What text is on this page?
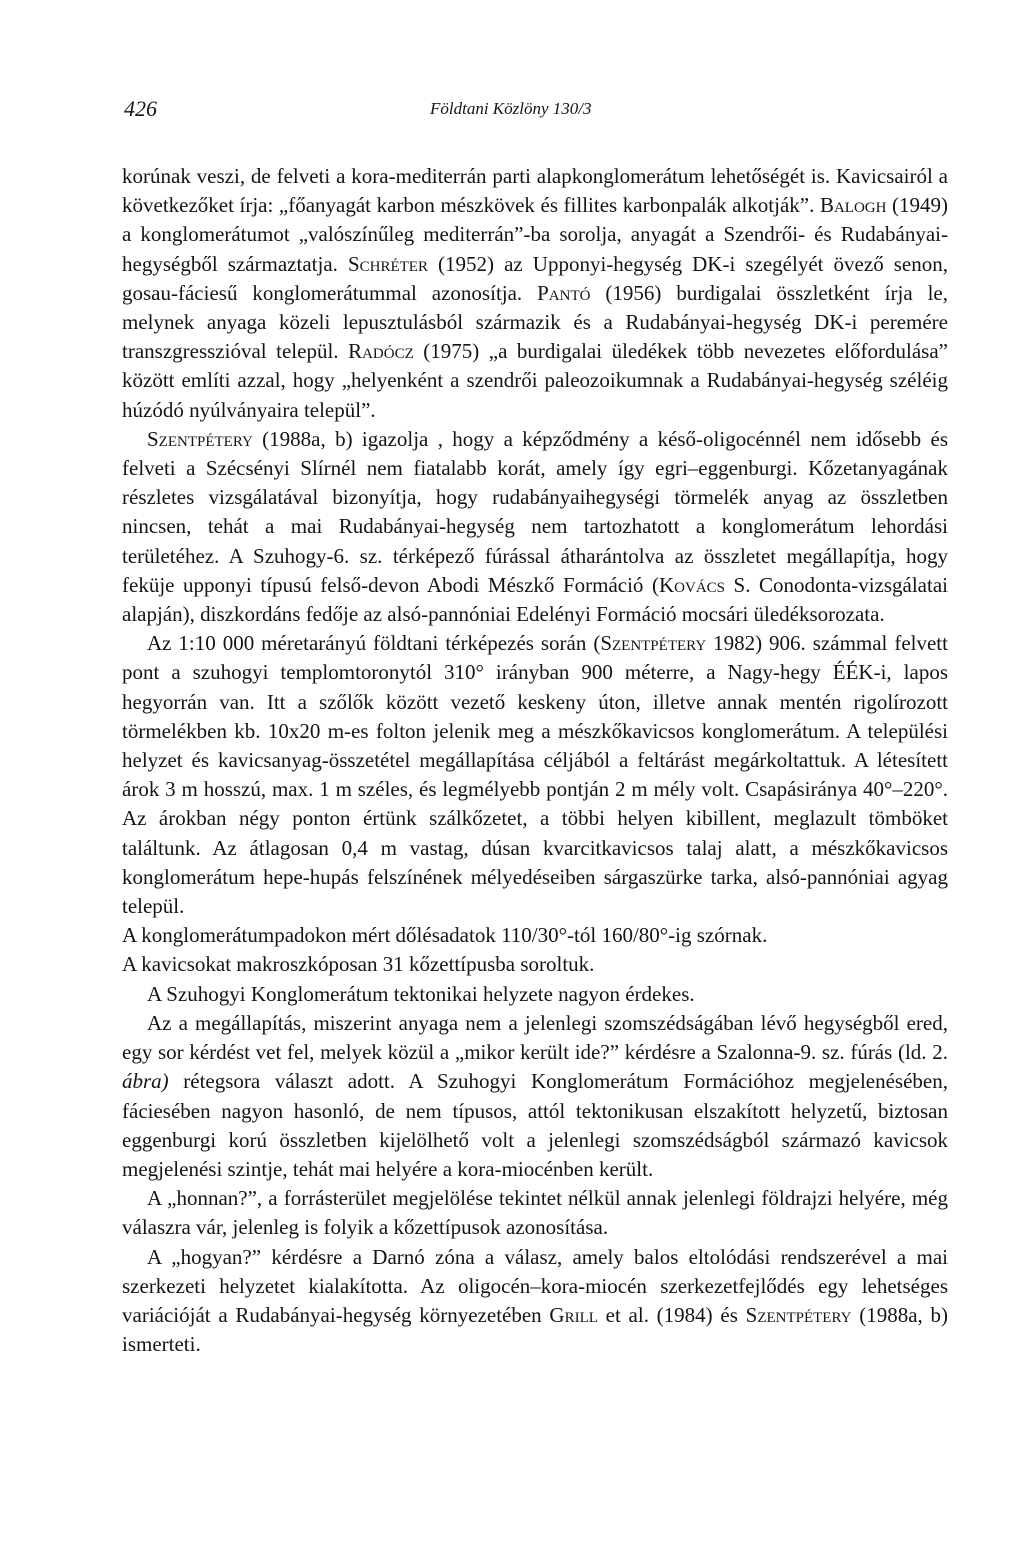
426	Földtani Közlöny 130/3

korúnak veszi, de felveti a kora-mediterrán parti alapkonglomerátum lehetőségét is. Kavicsairól a következőket írja: „főanyagát karbon mészkövek és fillites karbonpalák alkotják”. Balogh (1949) a konglomerátumot „valószínűleg mediterrán”-ba sorolja, anyagát a Szendrői- és Rudabányai-hegységből származtatja. Schréter (1952) az Upponyi-hegység DK-i szegélyét övező senon, gosau-fáciesű konglomerátummal azonosítja. Pantó (1956) burdigalai összletként írja le, melynek anyaga közeli lepusztulásból származik és a Rudabányai-hegység DK-i peremére transzgresszióval települ. Radócz (1975) „a burdigalai üledékek több nevezetes előfordulása” között említi azzal, hogy „helyenként a szendrői paleozoikumnak a Rudabányai-hegység széléig húzódó nyúlványaira települ”.

Szentpétery (1988a, b) igazolja , hogy a képződmény a késő-oligocénnél nem idősebb és felveti a Szécsényi Slírnél nem fiatalabb korát, amely így egri–eggenburgi. Kőzetanyagának részletes vizsgálatával bizonyítja, hogy rudabányaihegységi törmelék anyag az összletben nincsen, tehát a mai Rudabányai-hegység nem tartozhatott a konglomerátum lehordási területéhez. A Szuhogy-6. sz. térképező fúrással átharántolva az összletet megállapítja, hogy feküje upponyi típusú felső-devon Abodi Mészkő Formáció (Kovács S. Conodonta-vizsgálatai alapján), diszkordáns fedője az alsó-pannóniai Edelényi Formáció mocsári üledéksorozata.

Az 1:10 000 méretarányú földtani térképezés során (Szentpétery 1982) 906. számmal felvett pont a szuhogyi templomtoronytól 310° irányban 900 méterre, a Nagy-hegy ÉÉK-i, lapos hegyorrán van. Itt a szőlők között vezető keskeny úton, illetve annak mentén rigolírozott törmelékben kb. 10x20 m-es folton jelenik meg a mészkőkavicsos konglomerátum. A települési helyzet és kavicsanyag-összetétel megállapítása céljából a feltárást megárkoltattuk. A létesített árok 3 m hosszú, max. 1 m széles, és legmélyebb pontján 2 m mély volt. Csapásiránya 40°–220°. Az árokban négy ponton értünk szálkőzetet, a többi helyen kibillent, meglazult tömböket találtunk. Az átlagosan 0,4 m vastag, dúsan kvarcitkavicsos talaj alatt, a mészkőkavicsos konglomerátum hepe-hupás felszínének mélyedéseiben sárgaszürke tarka, alsó-pannóniai agyag települ.

A konglomerátumpadokon mért dőlésadatok 110/30°-tól 160/80°-ig szórnak.

A kavicsokat makroszkóposan 31 kőzettípusba soroltuk.

A Szuhogyi Konglomerátum tektonikai helyzete nagyon érdekes.

Az a megállapítás, miszerint anyaga nem a jelenlegi szomszédságában lévő hegységből ered, egy sor kérdést vet fel, melyek közül a „mikor került ide?” kérdésre a Szalonna-9. sz. fúrás (ld. 2. ábra) rétegsora választ adott. A Szuhogyi Konglomerátum Formációhoz megjelenésében, fáciesében nagyon hasonló, de nem típusos, attól tektonikusan elszakított helyzetű, biztosan eggenburgi korú összletben kijelölhető volt a jelenlegi szomszédságból származó kavicsok megjelenési szintje, tehát mai helyére a kora-miocénben került.

A „honnan?”, a forrásterület megjelölése tekintet nélkül annak jelenlegi földrajzi helyére, még válaszra vár, jelenleg is folyik a kőzettípusok azonosítása.

A „hogyan?” kérdésre a Darnó zóna a válasz, amely balos eltolódási rendszerével a mai szerkezeti helyzetet kialakította. Az oligocén–kora-miocén szerkezetfejlődés egy lehetséges variációját a Rudabányai-hegység környezetében Grill et al. (1984) és Szentpétery (1988a, b) ismerteti.
